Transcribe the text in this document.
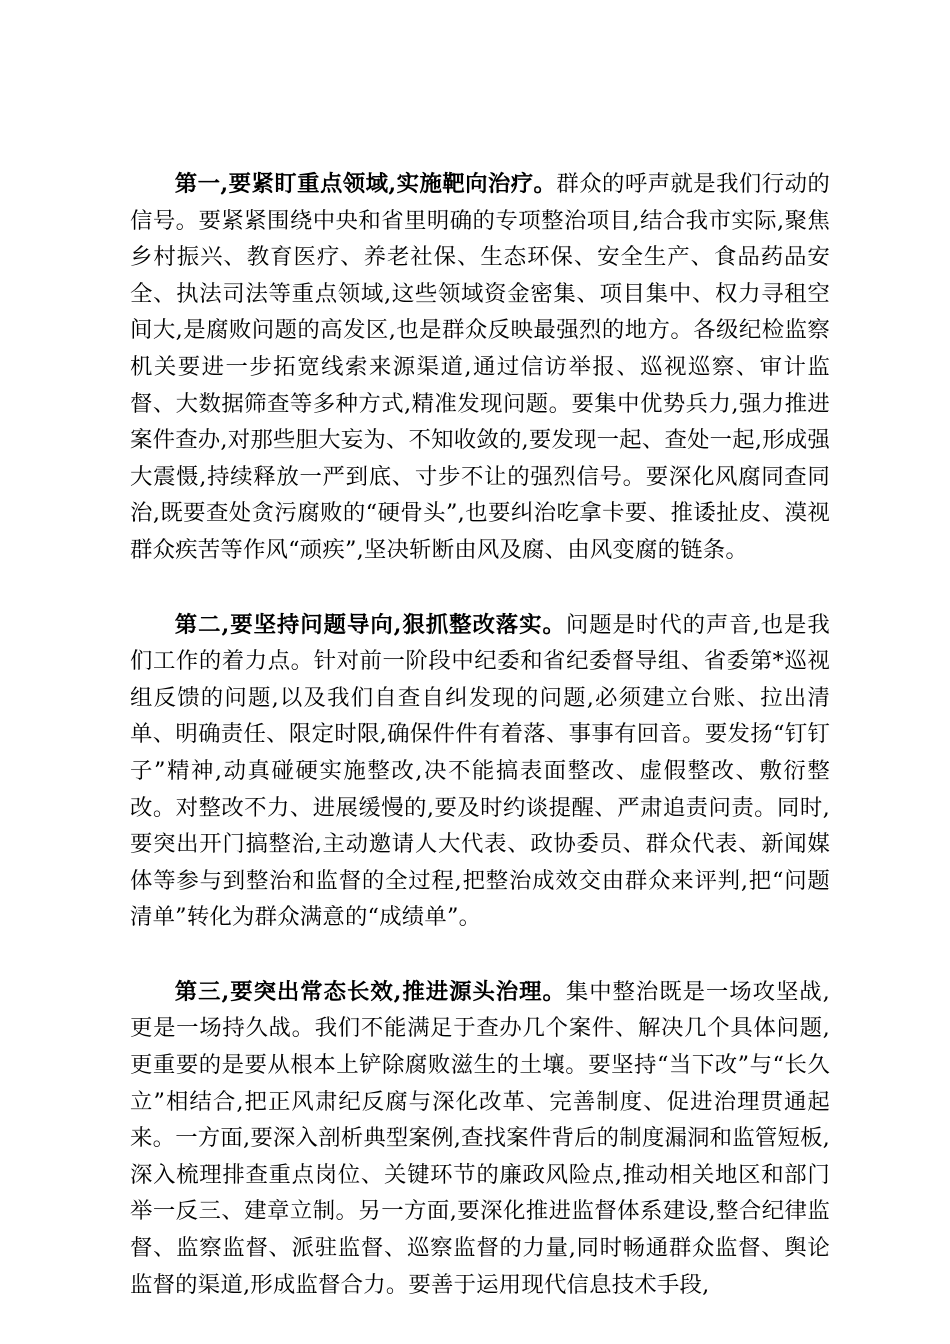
第一,要紧盯重点领域,实施靶向治疗。群众的呼声就是我们行动的信号。要紧紧围绕中央和省里明确的专项整治项目,结合我市实际,聚焦乡村振兴、教育医疗、养老社保、生态环保、安全生产、食品药品安全、执法司法等重点领域,这些领域资金密集、项目集中、权力寻租空间大,是腐败问题的高发区,也是群众反映最强烈的地方。各级纪检监察机关要进一步拓宽线索来源渠道,通过信访举报、巡视巡察、审计监督、大数据筛查等多种方式,精准发现问题。要集中优势兵力,强力推进案件查办,对那些胆大妄为、不知收敛的,要发现一起、查处一起,形成强大震慑,持续释放一严到底、寸步不让的强烈信号。要深化风腐同查同治,既要查处贪污腐败的“硬骨头”,也要纠治吃拿卡要、推诿扯皮、漠视群众疾苦等作风“顽疾”,坚决斩断由风及腐、由风变腐的链条。

第二,要坚持问题导向,狠抓整改落实。问题是时代的声音,也是我们工作的着力点。针对前一阶段中纪委和省纪委督导组、省委第*巡视组反馈的问题,以及我们自查自纠发现的问题,必须建立台账、拉出清单、明确责任、限定时限,确保件件有着落、事事有回音。要发扬“钉钉子”精神,动真碰硬实施整改,决不能搞表面整改、虚假整改、敷衍整改。对整改不力、进展缓慢的,要及时约谈提醒、严肃追责问责。同时,要突出开门搞整治,主动邀请人大代表、政协委员、群众代表、新闻媒体等参与到整治和监督的全过程,把整治成效交由群众来评判,把“问题清单”转化为群众满意的“成绩单”。

第三,要突出常态长效,推进源头治理。集中整治既是一场攻坚战,更是一场持久战。我们不能满足于查办几个案件、解决几个具体问题,更重要的是要从根本上铲除腐败滋生的土壤。要坚持“当下改”与“长久立”相结合,把正风肃纪反腐与深化改革、完善制度、促进治理贯通起来。一方面,要深入剖析典型案例,查找案件背后的制度漏洞和监管短板,深入梳理排查重点岗位、关键环节的廉政风险点,推动相关地区和部门举一反三、建章立制。另一方面,要深化推进监督体系建设,整合纪律监督、监察监督、派驻监督、巡察监督的力量,同时畅通群众监督、舆论监督的渠道,形成监督合力。要善于运用现代信息技术手段,
